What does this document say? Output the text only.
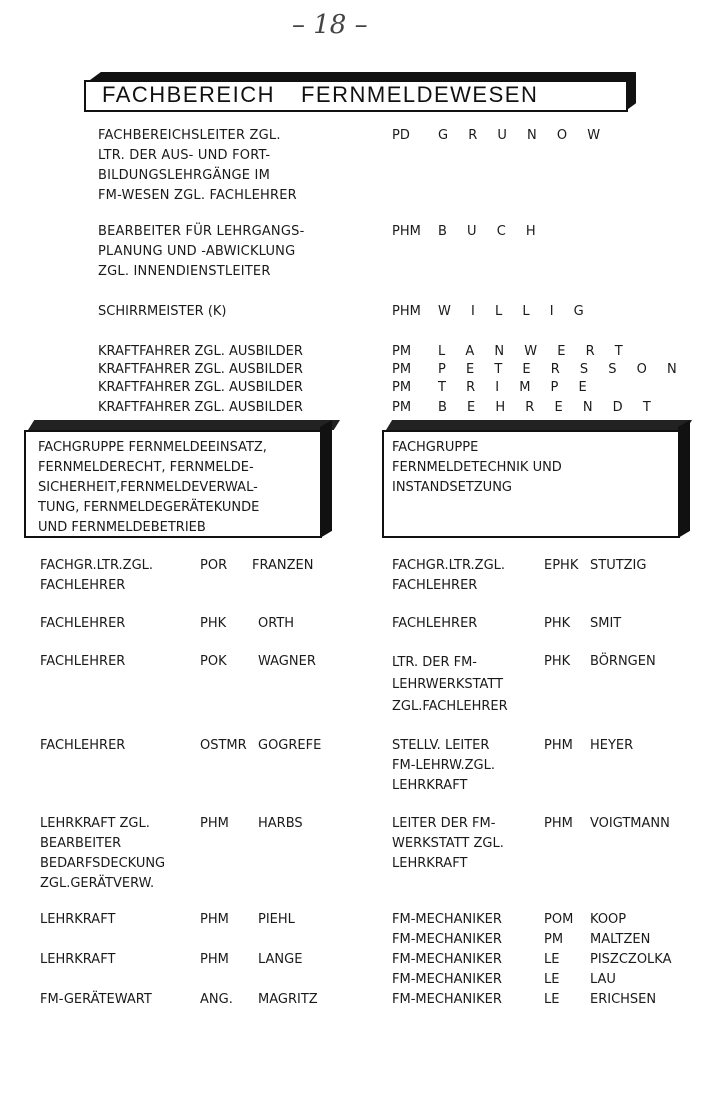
– 18 –
FACHBEREICH FERNMELDEWESEN
FACHBEREICHSLEITER ZGL.
LTR. DER AUS- UND FORT-
BILDUNGSLEHRGÄNGE IM
FM-WESEN ZGL. FACHLEHRER
PD G R U N O W
BEARBEITER FÜR LEHRGANGS-
PLANUNG UND -ABWICKLUNG
ZGL. INNENDIENSTLEITER
PHM B U C H
SCHIRRMEISTER (K)	PHM W I L L I G
KRAFTFAHRER ZGL. AUSBILDER	PM L A N W E R T
KRAFTFAHRER ZGL. AUSBILDER	PM P E T E R S S O N
KRAFTFAHRER ZGL. AUSBILDER	PM T R I M P E
KRAFTFAHRER ZGL. AUSBILDER	PM B E H R E N D T
FACHGRUPPE FERNMELDEEINSATZ,
FERNMELDERECHT, FERNMELDE-
SICHERHEIT,FERNMELDEVERWAL-
TUNG, FERNMELDEGERÄTEKUNDE
UND FERNMELDEBETRIEB
FACHGRUPPE
FERNMELDETECHNIK UND
INSTANDSETZUNG
FACHGR.LTR.ZGL.
FACHLEHRER
POR FRANZEN
FACHLEHRER	PHK ORTH
FACHLEHRER	POK WAGNER
FACHLEHRER	OSTMR GOGREFE
LEHRKRAFT ZGL.
BEARBEITER
BEDARFSDECKUNG
ZGL.GERÄTVERW.
PHM HARBS
LEHRKRAFT	PHM PIEHL
LEHRKRAFT	PHM LANGE
FM-GERÄTEWART	ANG. MAGRITZ
FACHGR.LTR.ZGL.
FACHLEHRER
EPHK STUTZIG
FACHLEHRER	PHK SMIT
LTR. DER FM-
LEHRWERKSTATT
ZGL.FACHLEHRER
PHK BÖRNGEN
STELLV. LEITER
FM-LEHRW.ZGL.
LEHRKRAFT
PHM HEYER
LEITER DER FM-
WERKSTATT ZGL.
LEHRKRAFT
PHM VOIGTMANN
FM-MECHANIKER	POM KOOP
FM-MECHANIKER	PM MALTZEN
FM-MECHANIKER	LE PISZCZOLKA
FM-MECHANIKER	LE LAU
FM-MECHANIKER	LE ERICHSEN
